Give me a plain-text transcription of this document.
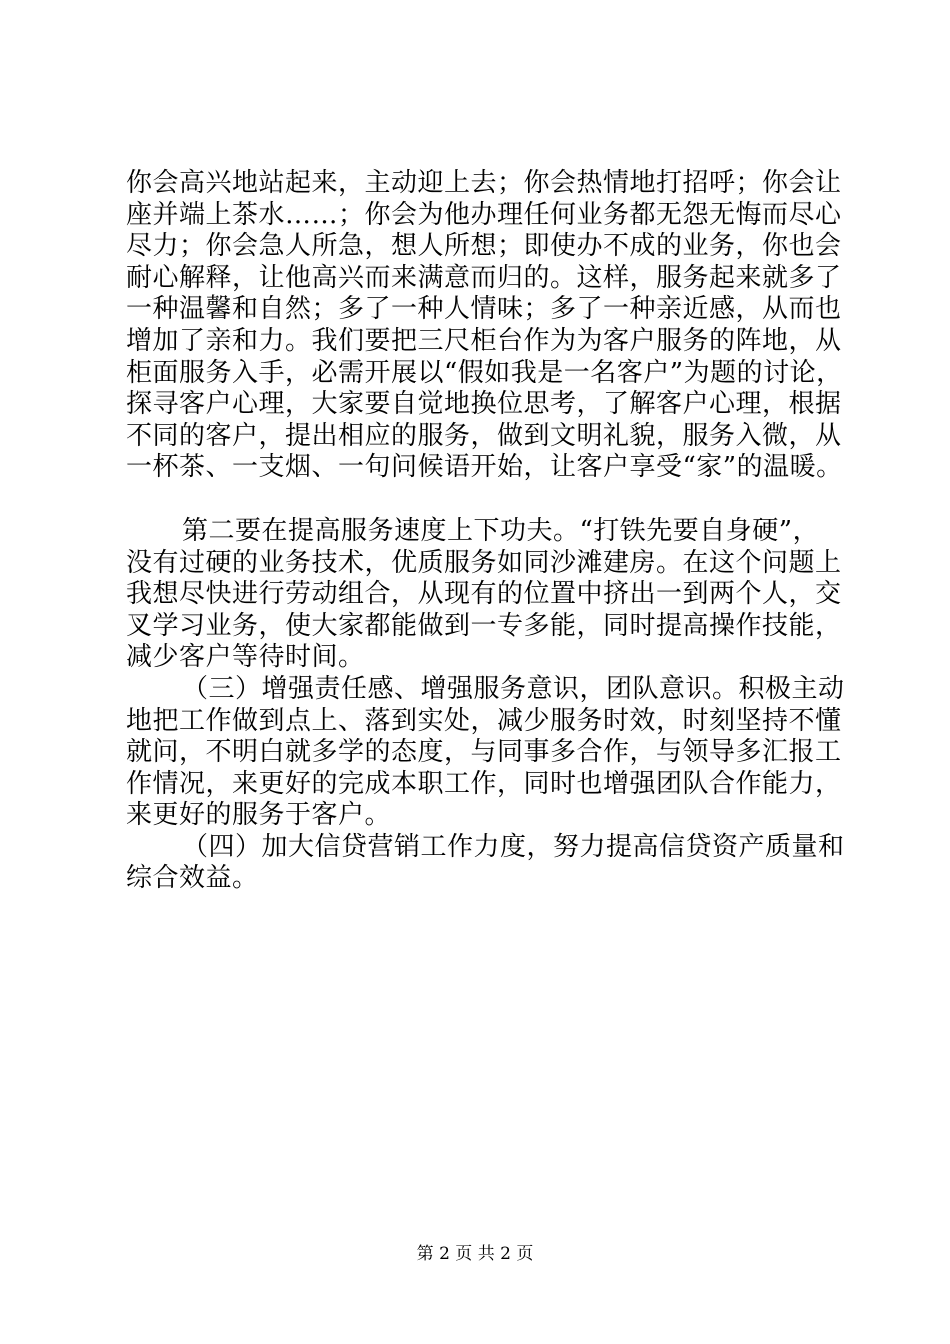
你会高兴地站起来，主动迎上去；你会热情地打招呼；你会让
座并端上茶水……；你会为他办理任何业务都无怨无悔而尽心
尽力；你会急人所急，想人所想；即使办不成的业务，你也会
耐心解释，让他高兴而来满意而归的。这样，服务起来就多了
一种温馨和自然；多了一种人情味；多了一种亲近感，从而也
增加了亲和力。我们要把三尺柜台作为为客户服务的阵地，从
柜面服务入手，必需开展以“假如我是一名客户”为题的讨论，
探寻客户心理，大家要自觉地换位思考，了解客户心理，根据
不同的客户，提出相应的服务，做到文明礼貌，服务入微，从
一杯茶、一支烟、一句问候语开始，让客户享受“家”的温暖。
第二要在提高服务速度上下功夫。“打铁先要自身硬”，
没有过硬的业务技术，优质服务如同沙滩建房。在这个问题上
我想尽快进行劳动组合，从现有的位置中挤出一到两个人，交
叉学习业务，使大家都能做到一专多能，同时提高操作技能，
减少客户等待时间。
（三）增强责任感、增强服务意识，团队意识。积极主动
地把工作做到点上、落到实处，减少服务时效，时刻坚持不懂
就问，不明白就多学的态度，与同事多合作，与领导多汇报工
作情况，来更好的完成本职工作，同时也增强团队合作能力，
来更好的服务于客户。
（四）加大信贷营销工作力度，努力提高信贷资产质量和
综合效益。
第 2 页 共 2 页
